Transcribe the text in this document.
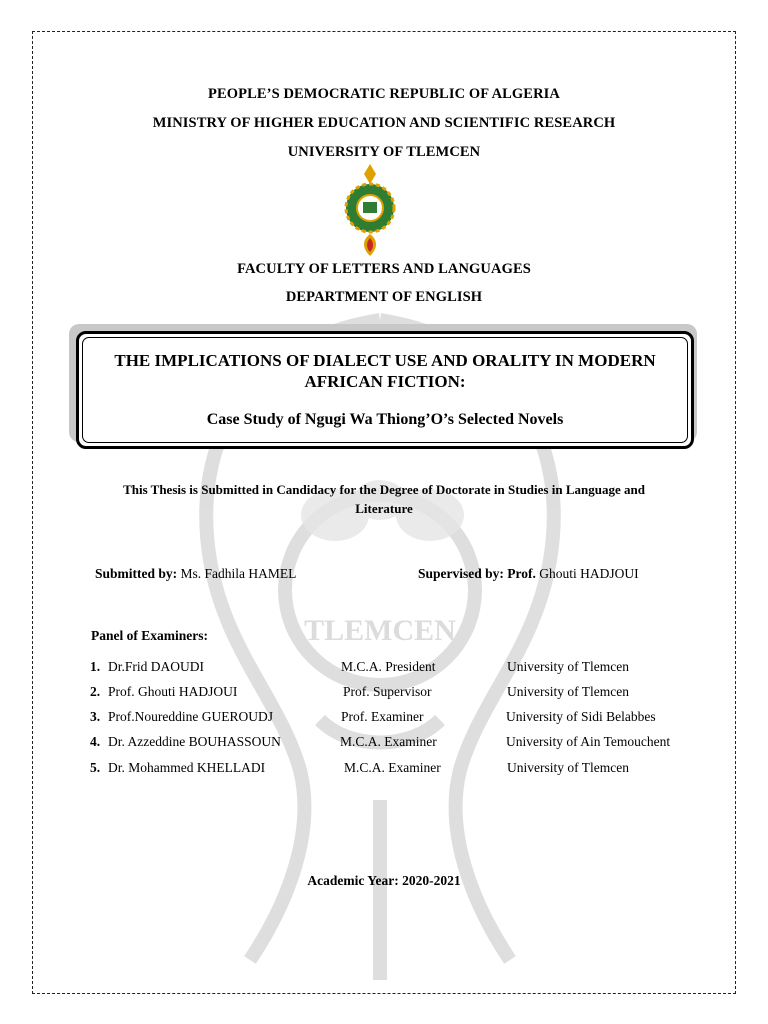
TLEMCEN
PEOPLE’S DEMOCRATIC REPUBLIC OF ALGERIA
MINISTRY OF HIGHER EDUCATION AND SCIENTIFIC RESEARCH
UNIVERSITY OF TLEMCEN
FACULTY OF LETTERS AND LANGUAGES
DEPARTMENT OF ENGLISH
THE IMPLICATIONS OF DIALECT USE AND ORALITY IN MODERN AFRICAN FICTION:
Case Study of Ngugi Wa Thiong’O’s Selected Novels
This Thesis is Submitted in Candidacy for the Degree of Doctorate in Studies in Language and Literature
Submitted by: Ms. Fadhila HAMEL	Supervised by: Prof. Ghouti HADJOUI
Panel of Examiners:
1. Dr.Frid DAOUDI	M.C.A. President	University of Tlemcen
2. Prof. Ghouti HADJOUI	Prof. Supervisor	University of Tlemcen
3. Prof.Noureddine GUEROUDJ	Prof. Examiner	University of Sidi Belabbes
4. Dr. Azzeddine BOUHASSOUN	M.C.A. Examiner	University of Ain Temouchent
5. Dr. Mohammed KHELLADI	M.C.A. Examiner	University of Tlemcen
Academic Year: 2020-2021
